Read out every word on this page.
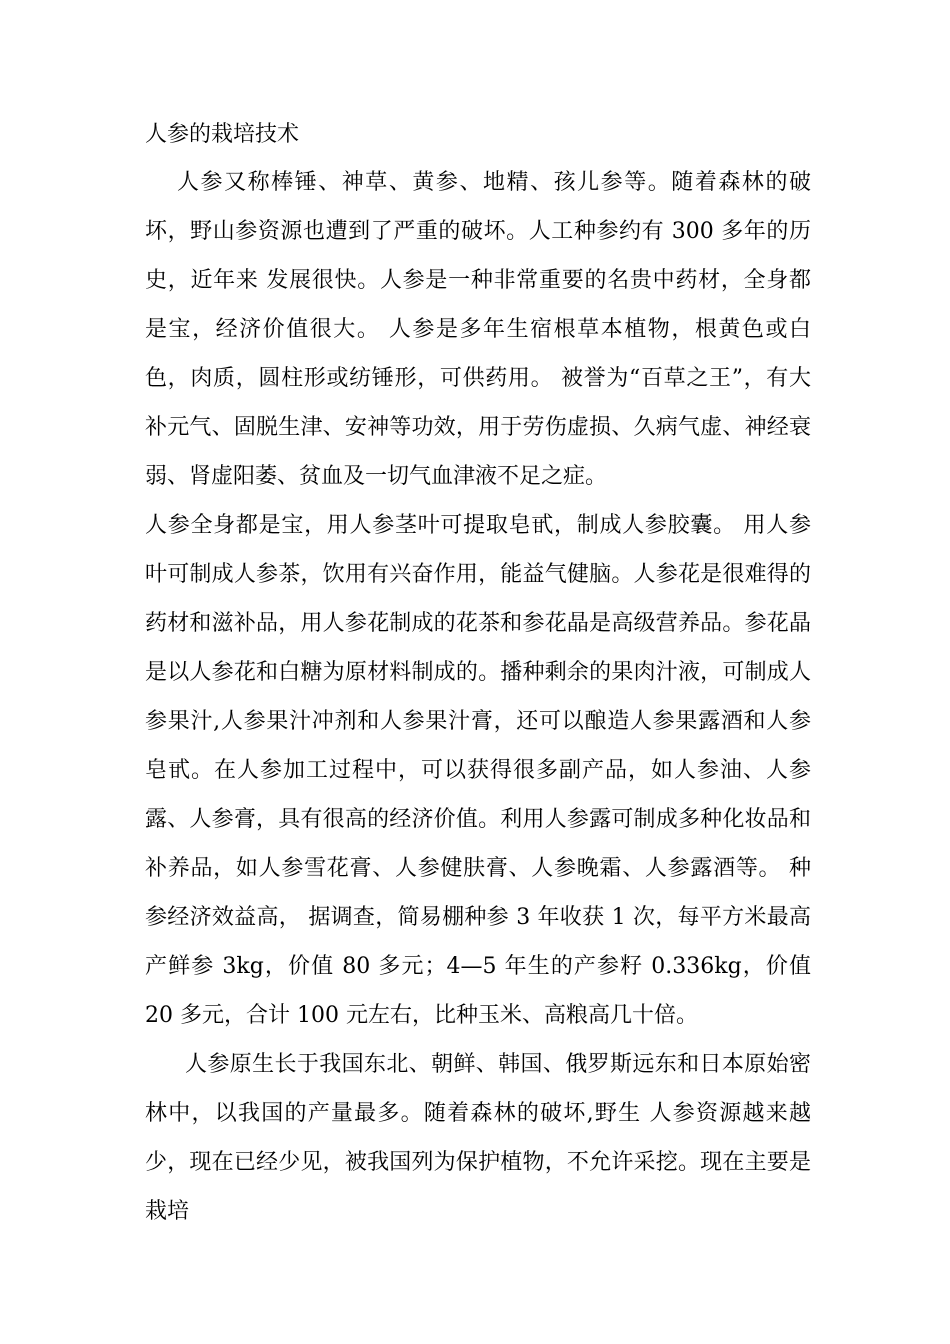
人参的栽培技术

人参又称棒锤、神草、黄参、地精、孩儿参等。随着森林的破坏，野山参资源也遭到了严重的破坏。人工种参约有 300 多年的历史，近年来 发展很快。人参是一种非常重要的名贵中药材，全身都是宝，经济价值很大。 人参是多年生宿根草本植物，根黄色或白色，肉质，圆柱形或纺锤形，可供药用。 被誉为“百草之王”，有大补元气、固脱生津、安神等功效，用于劳伤虚损、久病气虚、神经衰弱、肾虚阳萎、贫血及一切气血津液不足之症。

人参全身都是宝，用人参茎叶可提取皂甙，制成人参胶囊。 用人参叶可制成人参茶，饮用有兴奋作用，能益气健脑。人参花是很难得的药材和滋补品，用人参花制成的花茶和参花晶是高级营养品。参花晶是以人参花和白糖为原材料制成的。播种剩余的果肉汁液，可制成人参果汁,人参果汁冲剂和人参果汁膏，还可以酿造人参果露酒和人参皂甙。在人参加工过程中，可以获得很多副产品，如人参油、人参露、人参膏，具有很高的经济价值。利用人参露可制成多种化妆品和补养品，如人参雪花膏、人参健肤膏、人参晚霜、人参露酒等。 种参经济效益高， 据调查，简易棚种参 3 年收获 1 次，每平方米最高产鲜参 3kg，价值 80 多元；4—5 年生的产参籽 0.336kg，价值 20 多元，合计 100 元左右，比种玉米、高粮高几十倍。

人参原生长于我国东北、朝鲜、韩国、俄罗斯远东和日本原始密林中，以我国的产量最多。随着森林的破坏,野生 人参资源越来越少，现在已经少见，被我国列为保护植物，不允许采挖。现在主要是栽培
